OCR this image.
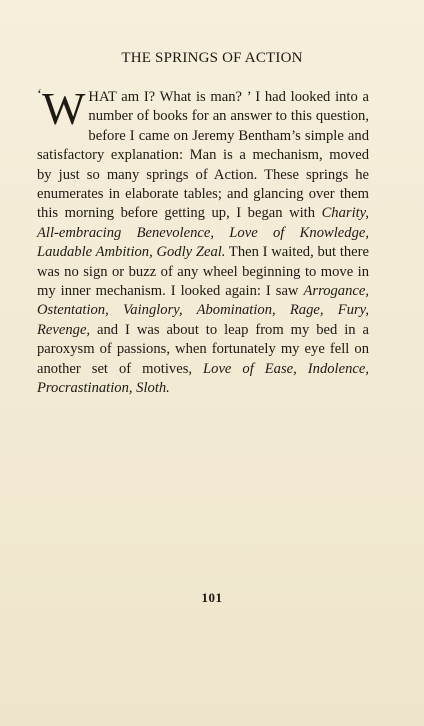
THE SPRINGS OF ACTION

‘W HAT am I? What is man? ’ I had looked into a number of books for an answer to this question, before I came on Jeremy Bentham’s simple and satisfactory explanation: Man is a mechanism, moved by just so many springs of Action. These springs he enumerates in elaborate tables; and glancing over them this morning before getting up, I began with Charity, All-embracing Benevolence, Love of Knowledge, Laudable Ambition, Godly Zeal. Then I waited, but there was no sign or buzz of any wheel beginning to move in my inner mechanism. I looked again: I saw Arrogance, Ostentation, Vainglory, Abomination, Rage, Fury, Revenge, and I was about to leap from my bed in a paroxysm of passions, when fortunately my eye fell on another set of motives, Love of Ease, Indolence, Procrastination, Sloth.

101
